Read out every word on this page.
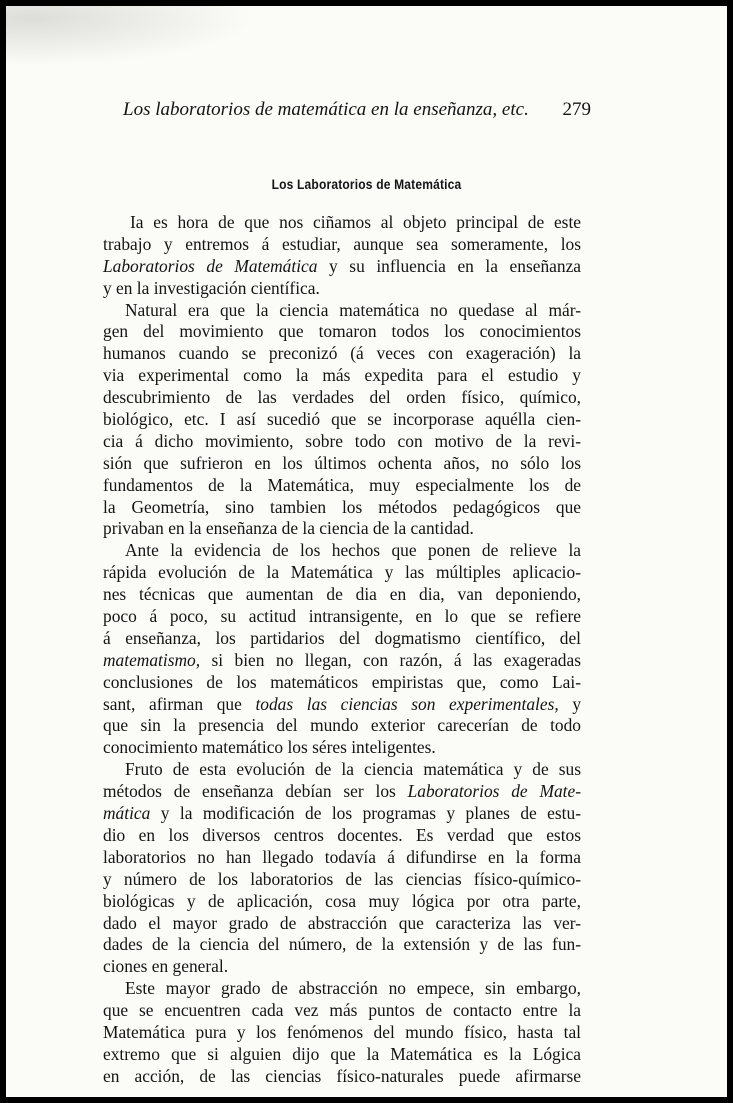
Los laboratorios de matemática en la enseñanza, etc. 279
Los Laboratorios de Matemática
Ia es hora de que nos ciñamos al objeto principal de este
trabajo y entremos á estudiar, aunque sea someramente, los
Laboratorios de Matemática y su influencia en la enseñanza
y en la investigación científica.
Natural era que la ciencia matemática no quedase al már-
gen del movimiento que tomaron todos los conocimientos
humanos cuando se preconizó (á veces con exageración) la
via experimental como la más expedita para el estudio y
descubrimiento de las verdades del orden físico, químico,
biológico, etc. I así sucedió que se incorporase aquélla cien-
cia á dicho movimiento, sobre todo con motivo de la revi-
sión que sufrieron en los últimos ochenta años, no sólo los
fundamentos de la Matemática, muy especialmente los de
la Geometría, sino tambien los métodos pedagógicos que
privaban en la enseñanza de la ciencia de la cantidad.
Ante la evidencia de los hechos que ponen de relieve la
rápida evolución de la Matemática y las múltiples aplicacio-
nes técnicas que aumentan de dia en dia, van deponiendo,
poco á poco, su actitud intransigente, en lo que se refiere
á enseñanza, los partidarios del dogmatismo científico, del
matematismo, si bien no llegan, con razón, á las exageradas
conclusiones de los matemáticos empiristas que, como Lai-
sant, afirman que todas las ciencias son experimentales, y
que sin la presencia del mundo exterior carecerían de todo
conocimiento matemático los séres inteligentes.
Fruto de esta evolución de la ciencia matemática y de sus
métodos de enseñanza debían ser los Laboratorios de Mate-
mática y la modificación de los programas y planes de estu-
dio en los diversos centros docentes. Es verdad que estos
laboratorios no han llegado todavía á difundirse en la forma
y número de los laboratorios de las ciencias físico-químico-
biológicas y de aplicación, cosa muy lógica por otra parte,
dado el mayor grado de abstracción que caracteriza las ver-
dades de la ciencia del número, de la extensión y de las fun-
ciones en general.
Este mayor grado de abstracción no empece, sin embargo,
que se encuentren cada vez más puntos de contacto entre la
Matemática pura y los fenómenos del mundo físico, hasta tal
extremo que si alguien dijo que la Matemática es la Lógica
en acción, de las ciencias físico-naturales puede afirmarse
